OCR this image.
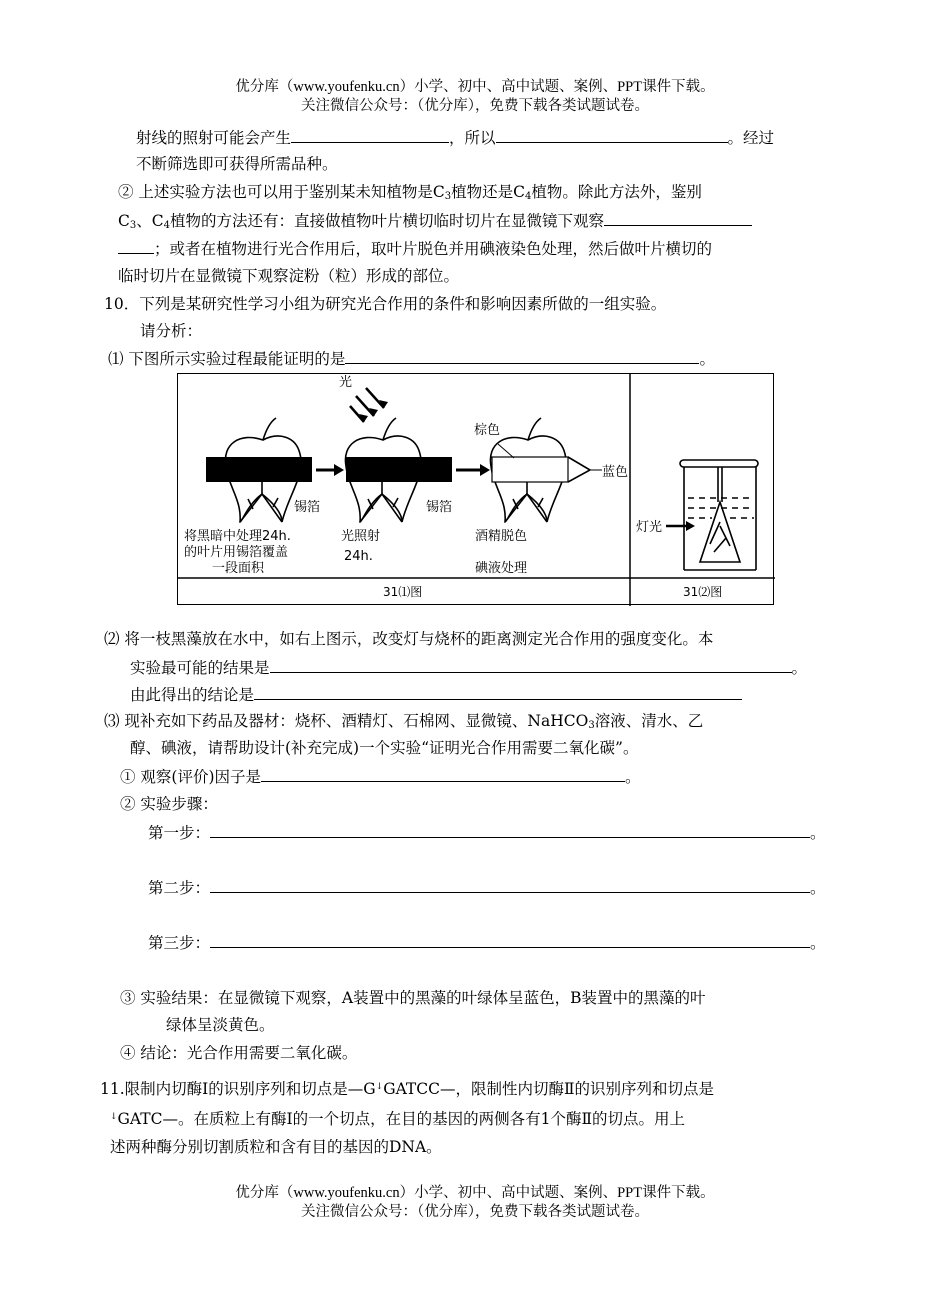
优分库（www.youfenku.cn）小学、初中、高中试题、案例、PPT课件下载。
关注微信公众号：（优分库），免费下载各类试题试卷。
射线的照射可能会产生	，所以	。经过
不断筛选即可获得所需品种。
② 上述实验方法也可以用于鉴别某未知植物是$C_3$植物还是$C_4$植物。除此方法外，鉴别
$C_3$、$C_4$植物的方法还有：直接做植物叶片横切临时切片在显微镜下观察
；或者在植物进行光合作用后，取叶片脱色并用碘液染色处理，然后做叶片横切的
临时切片在显微镜下观察淀粉（粒）形成的部位。
10．下列是某研究性学习小组为研究光合作用的条件和影响因素所做的一组实验。
请分析：
⑴ 下图所示实验过程最能证明的是	。
光
棕色
蓝色
锡箔	锡箔
将黑暗中处理24h.
的叶片用锡箔覆盖
一段面积
光照射
24h.
酒精脱色
碘液处理
灯光
31⑴图	31⑵图
⑵ 将一枝黑藻放在水中，如右上图示，改变灯与烧杯的距离测定光合作用的强度变化。本
实验最可能的结果是	。
由此得出的结论是
⑶ 现补充如下药品及器材：烧杯、酒精灯、石棉网、显微镜、NaHCO$_3$溶液、清水、乙
醇、碘液，请帮助设计(补充完成)一个实验“证明光合作用需要二氧化碳”。
① 观察(评价)因子是	。
② 实验步骤：
第一步：	。
第二步：	。
第三步：	。
③ 实验结果：在显微镜下观察，A装置中的黑藻的叶绿体呈蓝色，B装置中的黑藻的叶
绿体呈淡黄色。
④ 结论：光合作用需要二氧化碳。
11.限制内切酶Ⅰ的识别序列和切点是—G↓GATCC—，限制性内切酶Ⅱ的识别序列和切点是
↓GATC—。在质粒上有酶Ⅰ的一个切点，在目的基因的两侧各有1个酶Ⅱ的切点。用上
述两种酶分别切割质粒和含有目的基因的DNA。
优分库（www.youfenku.cn）小学、初中、高中试题、案例、PPT课件下载。
关注微信公众号：（优分库），免费下载各类试题试卷。
